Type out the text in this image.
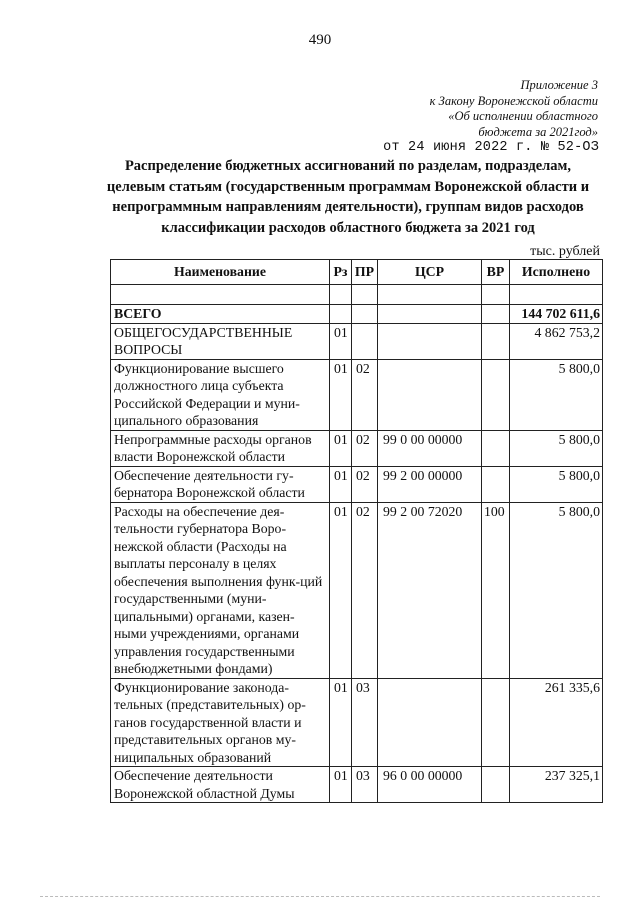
490
Приложение 3
к Закону Воронежской области
«Об исполнении областного
бюджета за 2021год»
от 24 июня 2022 г. № 52-ОЗ
Распределение бюджетных ассигнований по разделам, подразделам, целевым статьям (государственным программам Воронежской области и непрограммным направлениям деятельности), группам видов расходов классификации расходов областного бюджета за 2021 год
тыс. рублей
Наименование	Рз	ПР	ЦСР	ВР	Исполнено

ВСЕГО					144 702 611,6
ОБЩЕГОСУДАРСТВЕННЫЕ ВОПРОСЫ	01				4 862 753,2
Функционирование высшего должностного лица субъекта Российской Федерации и муни-ципального образования	01	02			5 800,0
Непрограммные расходы органов власти Воронежской области	01	02	99 0 00 00000		5 800,0
Обеспечение деятельности гу-бернатора Воронежской области	01	02	99 2 00 00000		5 800,0
Расходы на обеспечение дея-тельности губернатора Воро-нежской области (Расходы на выплаты персоналу в целях обеспечения выполнения функ-ций государственными (муни-ципальными) органами, казен-ными учреждениями, органами управления государственными внебюджетными фондами)	01	02	99 2 00 72020	100	5 800,0
Функционирование законода-тельных (представительных) ор-ганов государственной власти и представительных органов му-ниципальных образований	01	03			261 335,6
Обеспечение деятельности Воронежской областной Думы	01	03	96 0 00 00000		237 325,1
